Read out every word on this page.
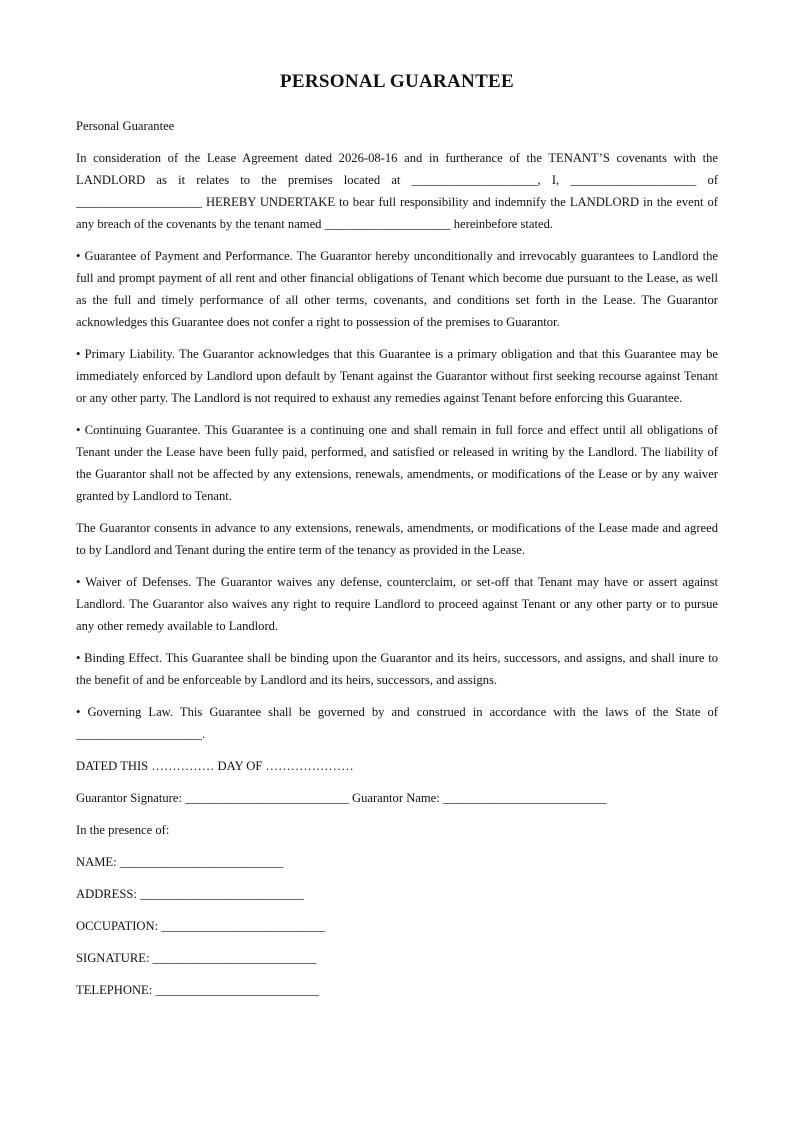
PERSONAL GUARANTEE

Personal Guarantee

In consideration of the Lease Agreement dated 2026-08-16 and in furtherance of the TENANT’S covenants with the LANDLORD as it relates to the premises located at ____________________, I, ____________________ of ____________________ HEREBY UNDERTAKE to bear full responsibility and indemnify the LANDLORD in the event of any breach of the covenants by the tenant named ____________________ hereinbefore stated.

• Guarantee of Payment and Performance. The Guarantor hereby unconditionally and irrevocably guarantees to Landlord the full and prompt payment of all rent and other financial obligations of Tenant which become due pursuant to the Lease, as well as the full and timely performance of all other terms, covenants, and conditions set forth in the Lease. The Guarantor acknowledges this Guarantee does not confer a right to possession of the premises to Guarantor.

• Primary Liability. The Guarantor acknowledges that this Guarantee is a primary obligation and that this Guarantee may be immediately enforced by Landlord upon default by Tenant against the Guarantor without first seeking recourse against Tenant or any other party. The Landlord is not required to exhaust any remedies against Tenant before enforcing this Guarantee.

• Continuing Guarantee. This Guarantee is a continuing one and shall remain in full force and effect until all obligations of Tenant under the Lease have been fully paid, performed, and satisfied or released in writing by the Landlord. The liability of the Guarantor shall not be affected by any extensions, renewals, amendments, or modifications of the Lease or by any waiver granted by Landlord to Tenant.

The Guarantor consents in advance to any extensions, renewals, amendments, or modifications of the Lease made and agreed to by Landlord and Tenant during the entire term of the tenancy as provided in the Lease.

• Waiver of Defenses. The Guarantor waives any defense, counterclaim, or set-off that Tenant may have or assert against Landlord. The Guarantor also waives any right to require Landlord to proceed against Tenant or any other party or to pursue any other remedy available to Landlord.

• Binding Effect. This Guarantee shall be binding upon the Guarantor and its heirs, successors, and assigns, and shall inure to the benefit of and be enforceable by Landlord and its heirs, successors, and assigns.

• Governing Law. This Guarantee shall be governed by and construed in accordance with the laws of the State of ____________________.

DATED THIS …………… DAY OF …………………

Guarantor Signature: __________________________ Guarantor Name: __________________________

In the presence of:

NAME: __________________________

ADDRESS: __________________________

OCCUPATION: __________________________

SIGNATURE: __________________________

TELEPHONE: __________________________
